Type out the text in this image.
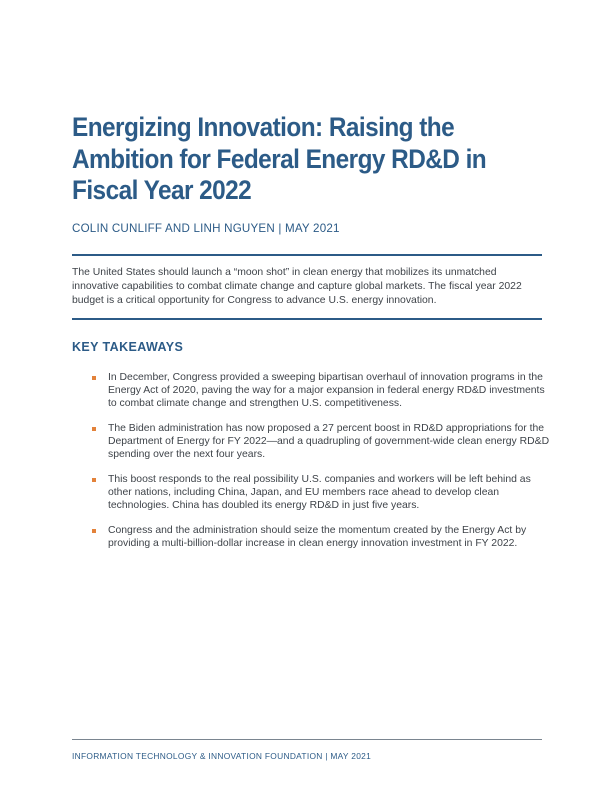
Energizing Innovation: Raising the Ambition for Federal Energy RD&D in Fiscal Year 2022

COLIN CUNLIFF AND LINH NGUYEN | MAY 2021

The United States should launch a “moon shot” in clean energy that mobilizes its unmatched innovative capabilities to combat climate change and capture global markets. The fiscal year 2022 budget is a critical opportunity for Congress to advance U.S. energy innovation.

KEY TAKEAWAYS
In December, Congress provided a sweeping bipartisan overhaul of innovation programs in the Energy Act of 2020, paving the way for a major expansion in federal energy RD&D investments to combat climate change and strengthen U.S. competitiveness.
The Biden administration has now proposed a 27 percent boost in RD&D appropriations for the Department of Energy for FY 2022—and a quadrupling of government-wide clean energy RD&D spending over the next four years.
This boost responds to the real possibility U.S. companies and workers will be left behind as other nations, including China, Japan, and EU members race ahead to develop clean technologies. China has doubled its energy RD&D in just five years.
Congress and the administration should seize the momentum created by the Energy Act by providing a multi-billion-dollar increase in clean energy innovation investment in FY 2022.

INFORMATION TECHNOLOGY & INNOVATION FOUNDATION | MAY 2021
